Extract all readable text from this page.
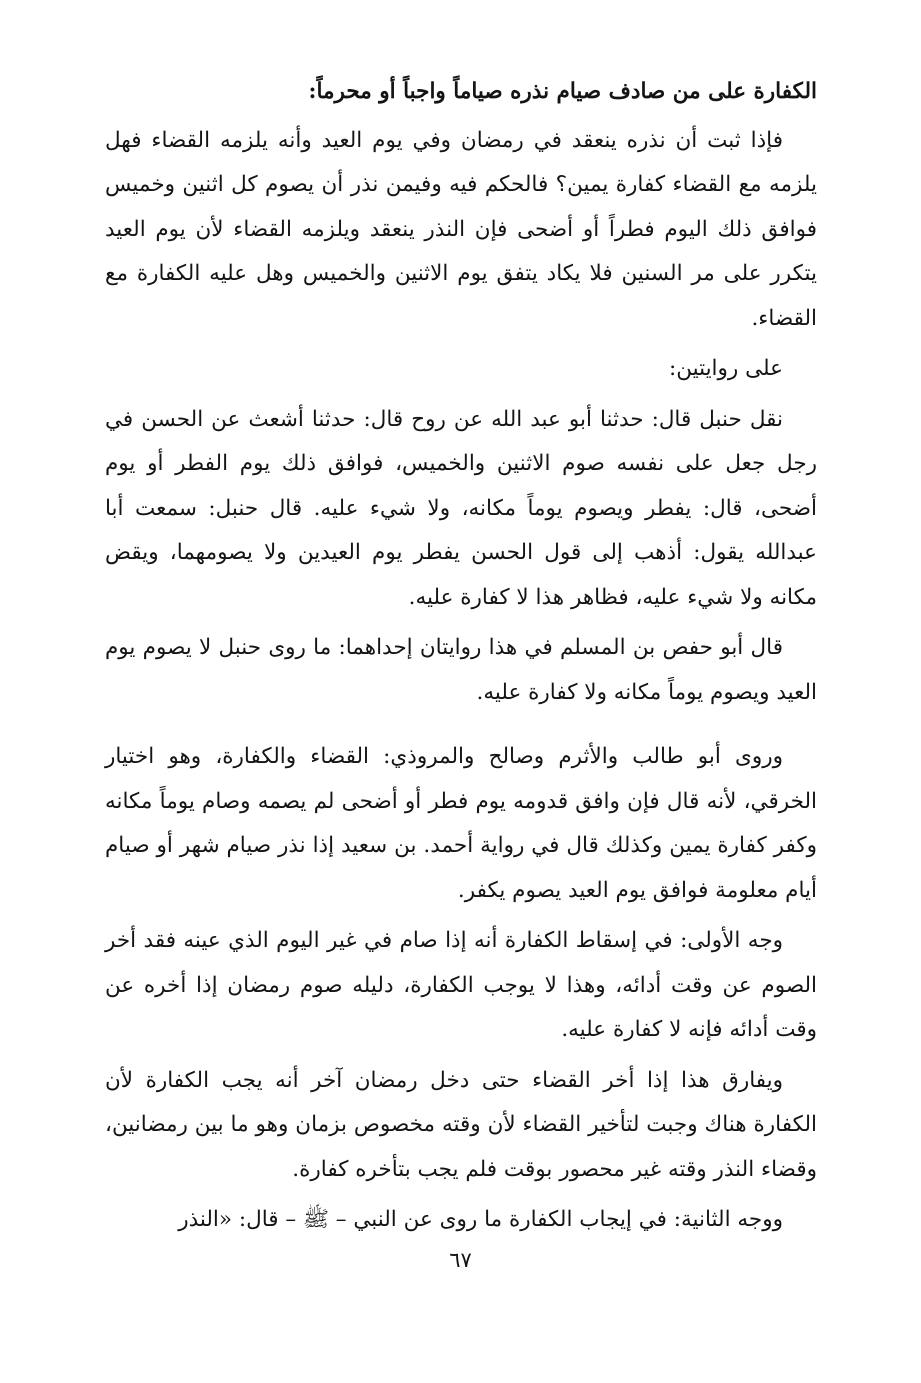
الكفارة على من صادف صيام نذره صياماً واجباً أو محرماً:

فإذا ثبت أن نذره ينعقد في رمضان وفي يوم العيد وأنه يلزمه القضاء فهل يلزمه مع القضاء كفارة يمين؟ فالحكم فيه وفيمن نذر أن يصوم كل اثنين وخميس فوافق ذلك اليوم فطراً أو أضحى فإن النذر ينعقد ويلزمه القضاء لأن يوم العيد يتكرر على مر السنين فلا يكاد يتفق يوم الاثنين والخميس وهل عليه الكفارة مع القضاء.

على روايتين:

نقل حنبل قال: حدثنا أبو عبد الله عن روح قال: حدثنا أشعث عن الحسن في رجل جعل على نفسه صوم الاثنين والخميس، فوافق ذلك يوم الفطر أو يوم أضحى، قال: يفطر ويصوم يوماً مكانه، ولا شيء عليه. قال حنبل: سمعت أبا عبدالله يقول: أذهب إلى قول الحسن يفطر يوم العيدين ولا يصومهما، ويقض مكانه ولا شيء عليه، فظاهر هذا لا كفارة عليه.

قال أبو حفص بن المسلم في هذا روايتان إحداهما: ما روى حنبل لا يصوم يوم العيد ويصوم يوماً مكانه ولا كفارة عليه.

وروى أبو طالب والأثرم وصالح والمروذي: القضاء والكفارة، وهو اختيار الخرقي، لأنه قال فإن وافق قدومه يوم فطر أو أضحى لم يصمه وصام يوماً مكانه وكفر كفارة يمين وكذلك قال في رواية أحمد. بن سعيد إذا نذر صيام شهر أو صيام أيام معلومة فوافق يوم العيد يصوم يكفر.

وجه الأولى: في إسقاط الكفارة أنه إذا صام في غير اليوم الذي عينه فقد أخر الصوم عن وقت أدائه، وهذا لا يوجب الكفارة، دليله صوم رمضان إذا أخره عن وقت أدائه فإنه لا كفارة عليه.

ويفارق هذا إذا أخر القضاء حتى دخل رمضان آخر أنه يجب الكفارة لأن الكفارة هناك وجبت لتأخير القضاء لأن وقته مخصوص بزمان وهو ما بين رمضانين، وقضاء النذر وقته غير محصور بوقت فلم يجب بتأخره كفارة.

ووجه الثانية: في إيجاب الكفارة ما روى عن النبي – ﷺ – قال: «النذر

٦٧
